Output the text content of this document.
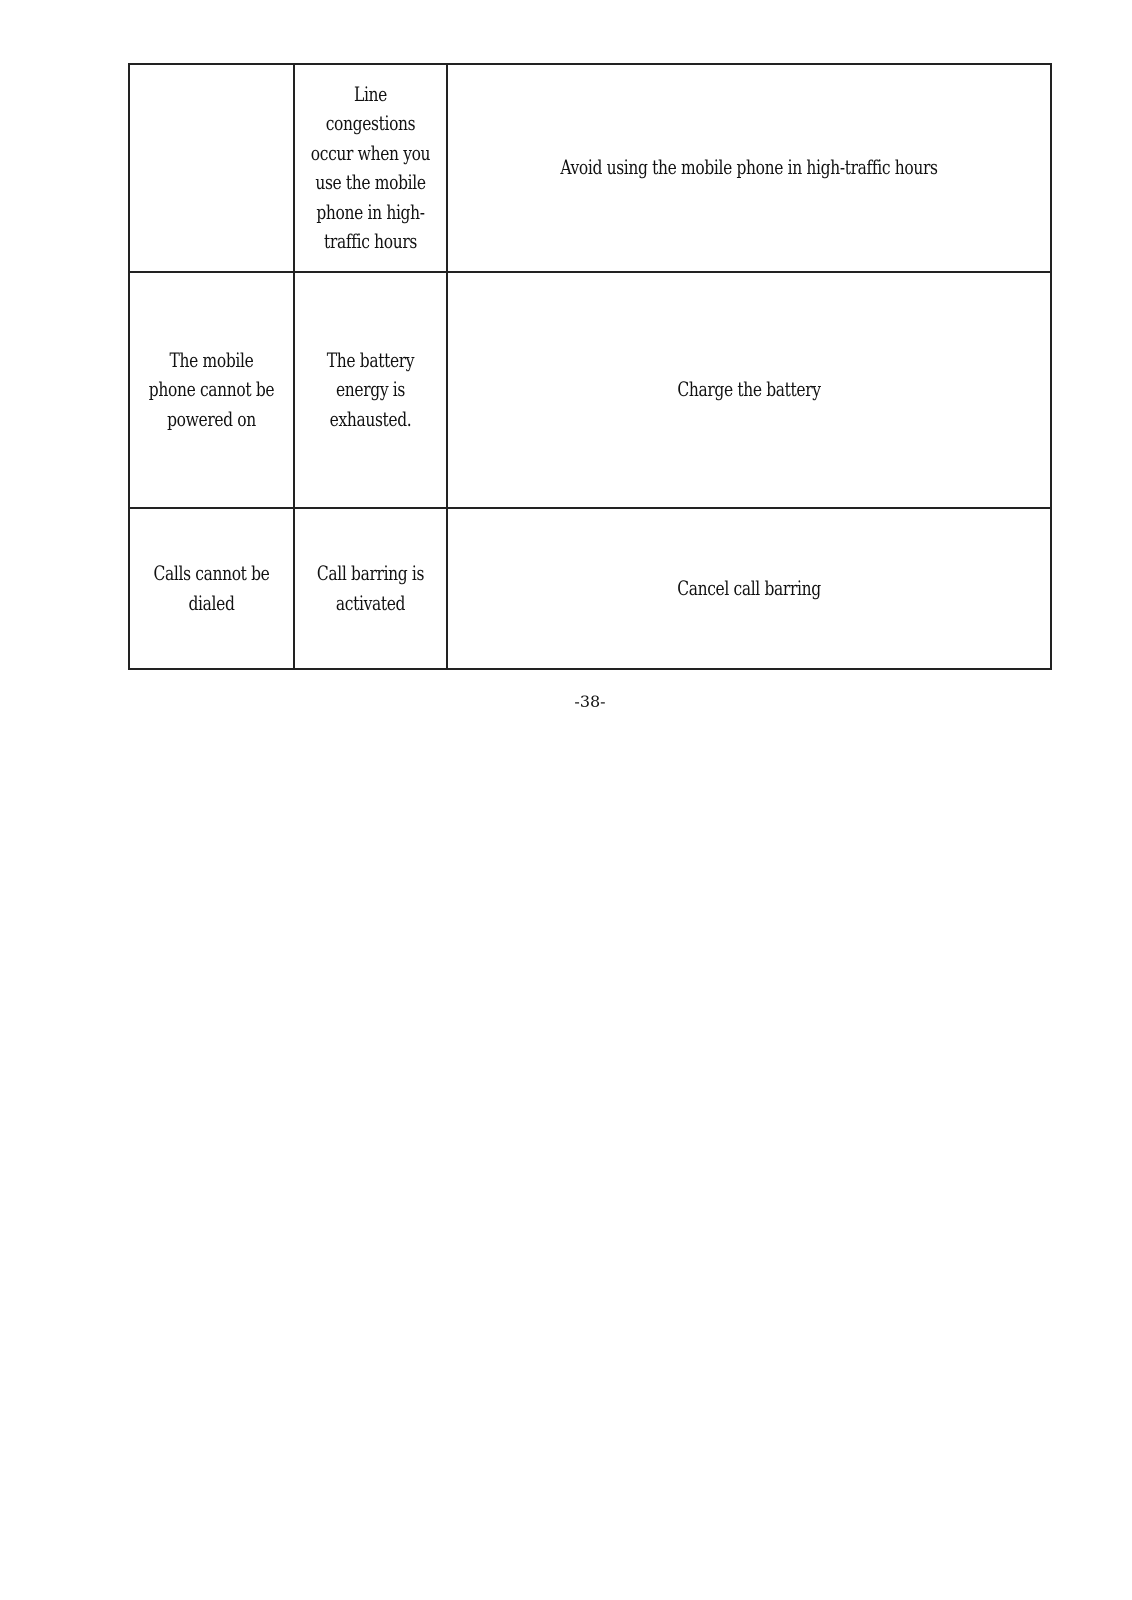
	Line congestions occur when you use the mobile phone in high-traffic hours	Avoid using the mobile phone in high-traffic hours

The mobile phone cannot be powered on	The battery energy is exhausted.	Charge the battery

Calls cannot be dialed	Call barring is activated	Cancel call barring
-38-
